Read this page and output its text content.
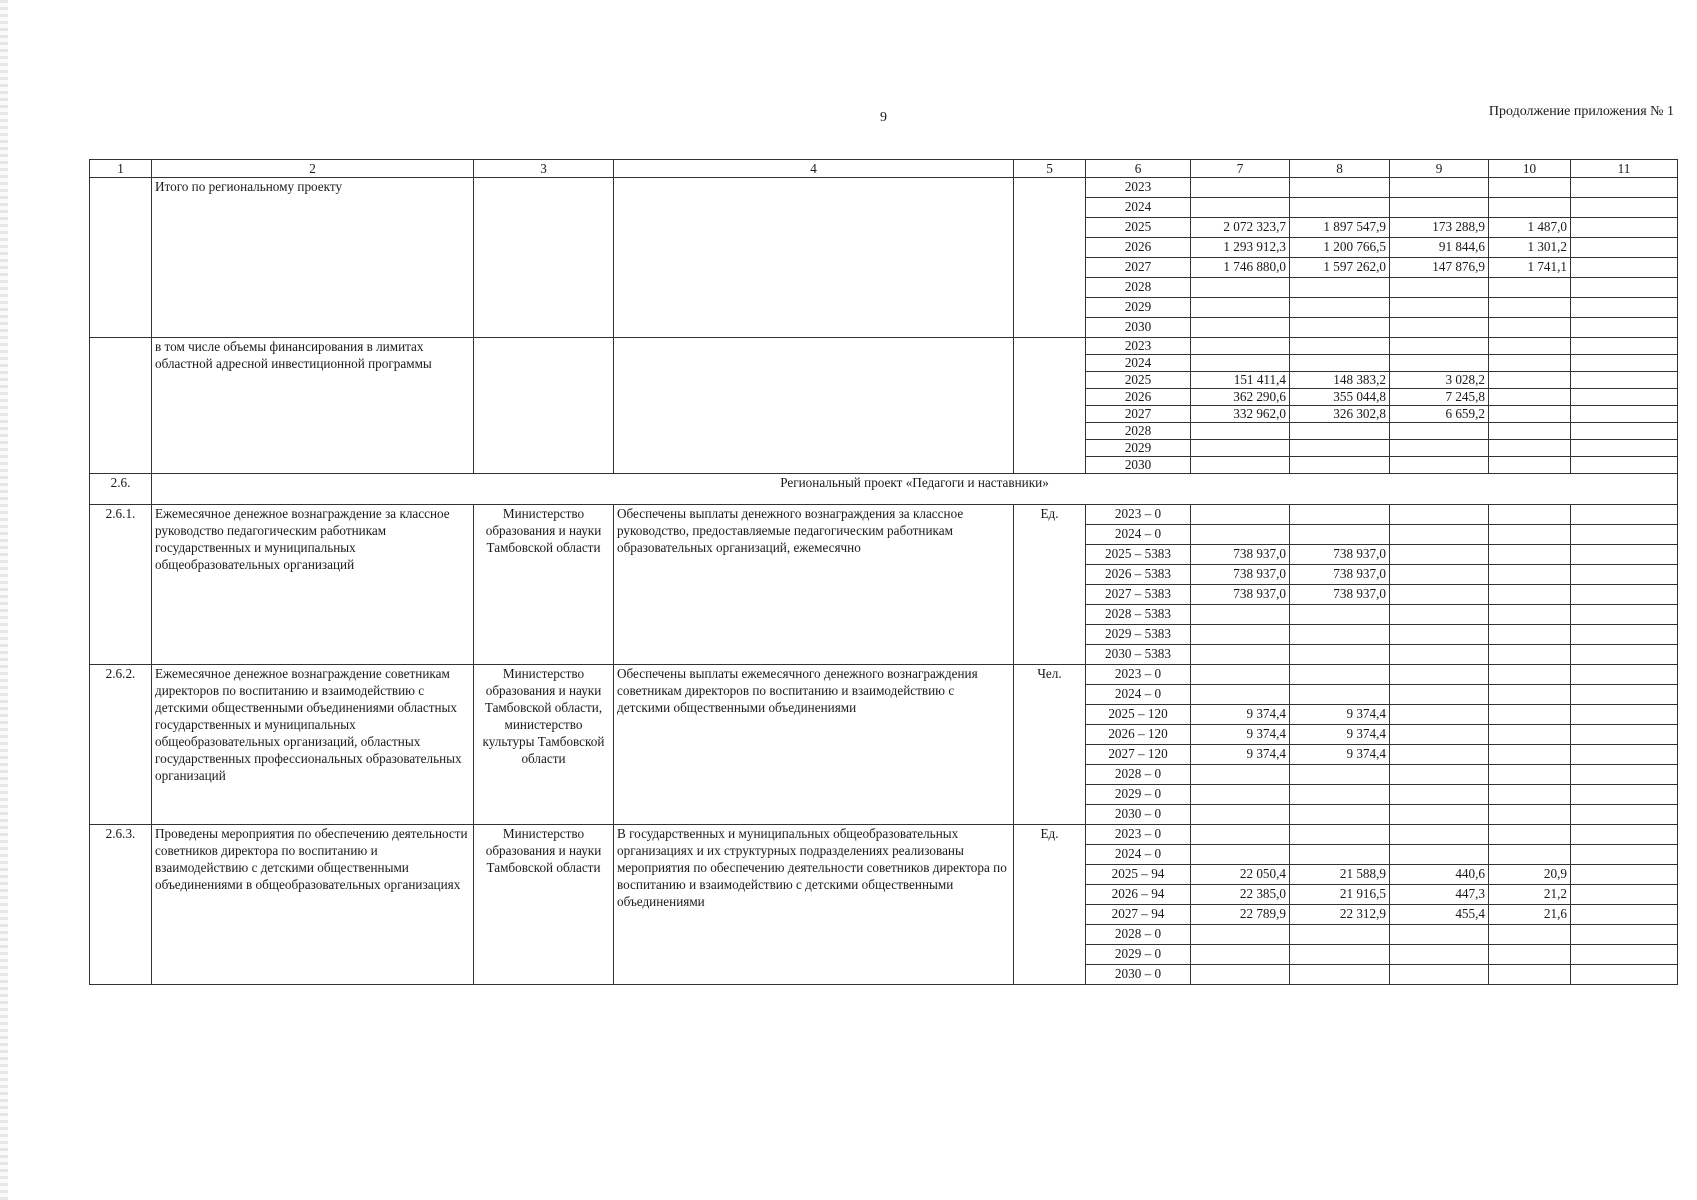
9	Продолжение приложения № 1
1	2	3	4	5	6	7	8	9	10	11
	Итого по региональному проекту				2023					
					2024					
					2025	2 072 323,7	1 897 547,9	173 288,9	1 487,0	
					2026	1 293 912,3	1 200 766,5	91 844,6	1 301,2	
					2027	1 746 880,0	1 597 262,0	147 876,9	1 741,1	
					2028					
					2029					
					2030					
	в том числе объемы финансирования в лимитах областной адресной инвестиционной программы				2023					
					2024					
					2025	151 411,4	148 383,2	3 028,2		
					2026	362 290,6	355 044,8	7 245,8		
					2027	332 962,0	326 302,8	6 659,2		
					2028					
					2029					
					2030					
2.6.	Региональный проект «Педагоги и наставники»									
2.6.1.	Ежемесячное денежное вознаграждение за классное руководство педагогическим работникам государственных и муниципальных общеобразовательных организаций	Министерство образования и науки Тамбовской области	Обеспечены выплаты денежного вознаграждения за классное руководство, предоставляемые педагогическим работникам образовательных организаций, ежемесячно	Ед.	2023 – 0					
					2024 – 0					
					2025 – 5383	738 937,0	738 937,0			
					2026 – 5383	738 937,0	738 937,0			
					2027 – 5383	738 937,0	738 937,0			
					2028 – 5383					
					2029 – 5383					
					2030 – 5383					
2.6.2.	Ежемесячное денежное вознаграждение советникам директоров по воспитанию и взаимодействию с детскими общественными объединениями областных государственных и муниципальных общеобразовательных организаций, областных государственных профессиональных образовательных организаций	Министерство образования и науки Тамбовской области, министерство культуры Тамбовской области	Обеспечены выплаты ежемесячного денежного вознаграждения советникам директоров по воспитанию и взаимодействию с детскими общественными объединениями	Чел.	2023 – 0					
					2024 – 0					
					2025 – 120	9 374,4	9 374,4			
					2026 – 120	9 374,4	9 374,4			
					2027 – 120	9 374,4	9 374,4			
					2028 – 0					
					2029 – 0					
					2030 – 0					
2.6.3.	Проведены мероприятия по обеспечению деятельности советников директора по воспитанию и взаимодействию с детскими общественными объединениями в общеобразовательных организациях	Министерство образования и науки Тамбовской области	В государственных и муниципальных общеобразовательных организациях и их структурных подразделениях реализованы мероприятия по обеспечению деятельности советников директора по воспитанию и взаимодействию с детскими общественными объединениями	Ед.	2023 – 0					
					2024 – 0					
					2025 – 94	22 050,4	21 588,9	440,6	20,9	
					2026 – 94	22 385,0	21 916,5	447,3	21,2	
					2027 – 94	22 789,9	22 312,9	455,4	21,6	
					2028 – 0					
					2029 – 0					
					2030 – 0					
